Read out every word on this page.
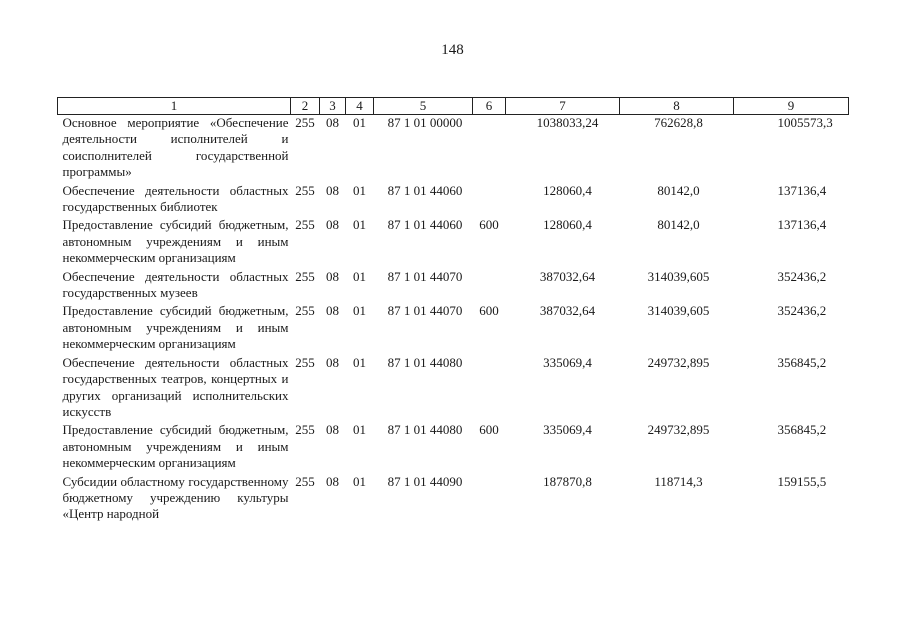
148
1	2	3	4	5	6	7	8	9
Основное мероприятие «Обеспечение деятельности исполнителей и соисполнителей государственной программы»	255	08	01	87 1 01 00000		1038033,24	762628,8	1005573,3
Обеспечение деятельности областных государственных библиотек	255	08	01	87 1 01 44060		128060,4	80142,0	137136,4
Предоставление субсидий бюджетным, автономным учреждениям и иным некоммерческим организациям	255	08	01	87 1 01 44060	600	128060,4	80142,0	137136,4
Обеспечение деятельности областных государственных музеев	255	08	01	87 1 01 44070		387032,64	314039,605	352436,2
Предоставление субсидий бюджетным, автономным учреждениям и иным некоммерческим организациям	255	08	01	87 1 01 44070	600	387032,64	314039,605	352436,2
Обеспечение деятельности областных государственных театров, концертных и других организаций исполнительских искусств	255	08	01	87 1 01 44080		335069,4	249732,895	356845,2
Предоставление субсидий бюджетным, автономным учреждениям и иным некоммерческим организациям	255	08	01	87 1 01 44080	600	335069,4	249732,895	356845,2
Субсидии областному государственному бюджетному учреждению культуры «Центр народной	255	08	01	87 1 01 44090		187870,8	118714,3	159155,5
